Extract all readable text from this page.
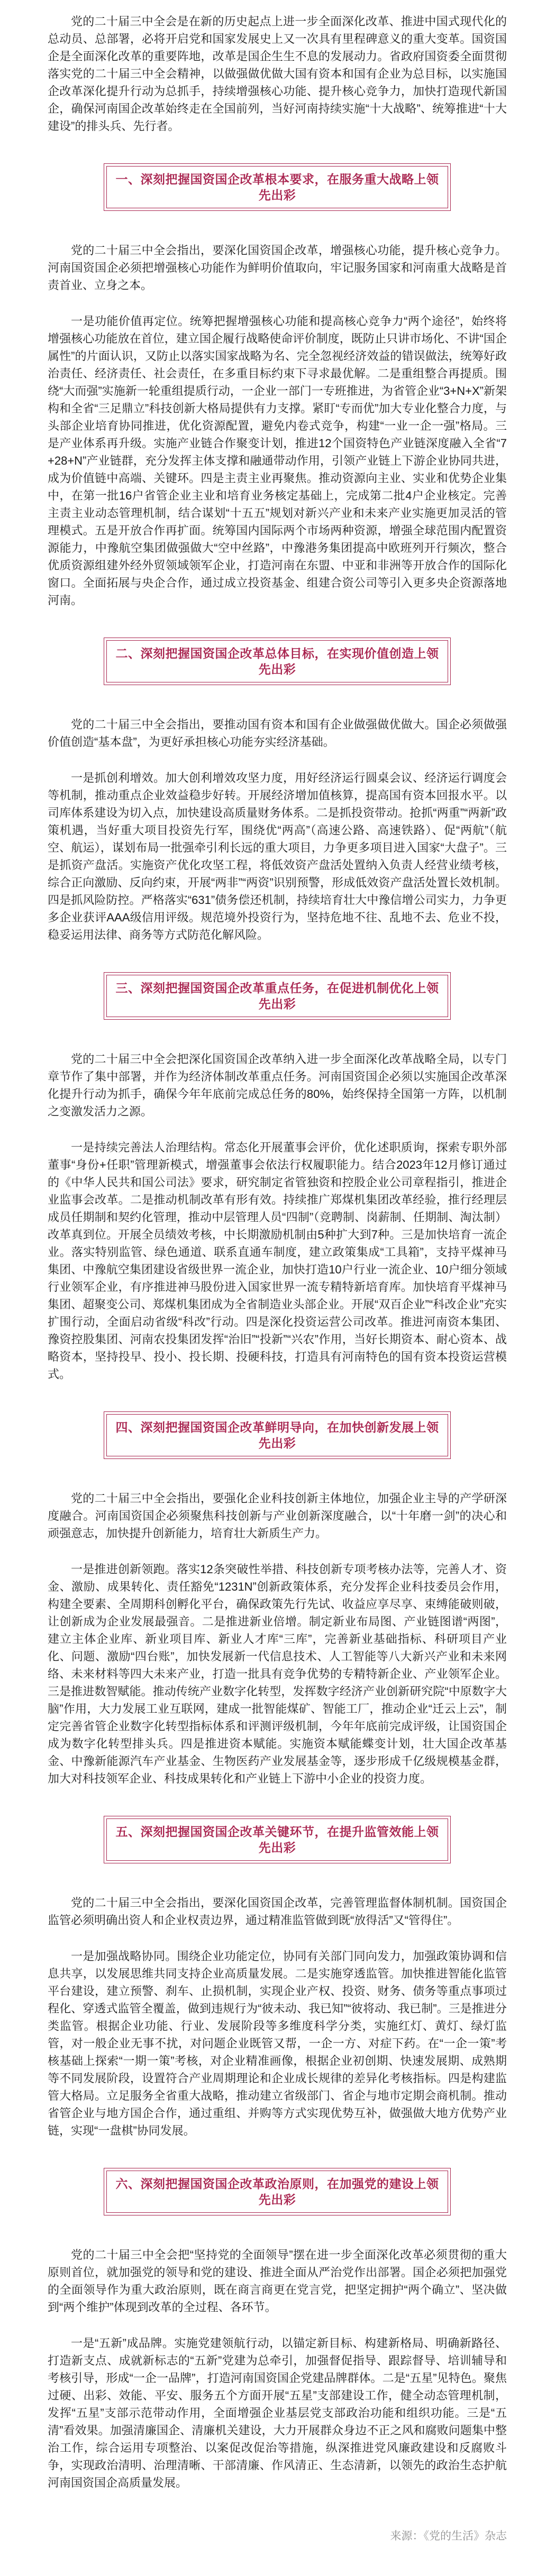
党的二十届三中全会是在新的历史起点上进一步全面深化改革、推进中国式现代化的总动员、总部署，必将开启党和国家发展史上又一次具有里程碑意义的重大变革。国资国企是全面深化改革的重要阵地，改革是国企生生不息的发展动力。省政府国资委全面贯彻落实党的二十届三中全会精神，以做强做优做大国有资本和国有企业为总目标，以实施国企改革深化提升行动为总抓手，持续增强核心功能、提升核心竞争力，加快打造现代新国企，确保河南国企改革始终走在全国前列，当好河南持续实施“十大战略”、统筹推进“十大建设”的排头兵、先行者。

一、深刻把握国资国企改革根本要求，在服务重大战略上领先出彩

党的二十届三中全会指出，要深化国资国企改革，增强核心功能，提升核心竞争力。河南国资国企必须把增强核心功能作为鲜明价值取向，牢记服务国家和河南重大战略是首责首业、立身之本。

一是功能价值再定位。统筹把握增强核心功能和提高核心竞争力“两个途径”，始终将增强核心功能放在首位，建立国企履行战略使命评价制度，既防止只讲市场化、不讲“国企属性”的片面认识，又防止以落实国家战略为名、完全忽视经济效益的错误做法，统筹好政治责任、经济责任、社会责任，在多重目标约束下寻求最优解。二是重组整合再提质。围绕“大而强”实施新一轮重组提质行动，一企业一部门一专班推进，为省管企业“3+N+X”新架构和全省“三足鼎立”科技创新大格局提供有力支撑。紧盯“专而优”加大专业化整合力度，与头部企业培育协同推进，优化资源配置，避免内卷式竞争，构建“一业一企一强”格局。三是产业体系再升级。实施产业链合作聚变计划，推进12个国资特色产业链深度融入全省“7+28+N”产业链群，充分发挥主体支撑和融通带动作用，引领产业链上下游企业协同共进，成为价值链中高端、关键环。四是主责主业再聚焦。推动资源向主业、实业和优势企业集中，在第一批16户省管企业主业和培育业务核定基础上，完成第二批4户企业核定。完善主责主业动态管理机制，结合谋划“十五五”规划对新兴产业和未来产业实施更加灵活的管理模式。五是开放合作再扩面。统筹国内国际两个市场两种资源，增强全球范围内配置资源能力，中豫航空集团做强做大“空中丝路”，中豫港务集团提高中欧班列开行频次，整合优质资源组建外经外贸领域领军企业，打造河南在东盟、中亚和非洲等开放合作的国际化窗口。全面拓展与央企合作，通过成立投资基金、组建合资公司等引入更多央企资源落地河南。

二、深刻把握国资国企改革总体目标，在实现价值创造上领先出彩

党的二十届三中全会指出，要推动国有资本和国有企业做强做优做大。国企必须做强价值创造“基本盘”，为更好承担核心功能夯实经济基础。

一是抓创利增效。加大创利增效攻坚力度，用好经济运行圆桌会议、经济运行调度会等机制，推动重点企业效益稳步好转。开展经济增加值核算，提高国有资本回报水平。以司库体系建设为切入点，加快建设高质量财务体系。二是抓投资带动。抢抓“两重”“两新”政策机遇，当好重大项目投资先行军，围绕优“两高”（高速公路、高速铁路）、促“两航”（航空、航运），谋划布局一批强牵引利长远的重大项目，力争更多项目进入国家“大盘子”。三是抓资产盘活。实施资产优化攻坚工程，将低效资产盘活处置纳入负责人经营业绩考核，综合正向激励、反向约束，开展“两非”“两资”识别预警，形成低效资产盘活处置长效机制。四是抓风险防控。严格落实“631”债务偿还机制，持续培育壮大中豫信增公司实力，力争更多企业获评AAA级信用评级。规范境外投资行为，坚持危地不往、乱地不去、危业不投，稳妥运用法律、商务等方式防范化解风险。

三、深刻把握国资国企改革重点任务，在促进机制优化上领先出彩

党的二十届三中全会把深化国资国企改革纳入进一步全面深化改革战略全局，以专门章节作了集中部署，并作为经济体制改革重点任务。河南国资国企必须以实施国企改革深化提升行动为抓手，确保今年年底前完成总任务的80%，始终保持全国第一方阵，以机制之变激发活力之源。

一是持续完善法人治理结构。常态化开展董事会评价，优化述职质询，探索专职外部董事“身份+任职”管理新模式，增强董事会依法行权履职能力。结合2023年12月修订通过的《中华人民共和国公司法》要求，研究制定省管独资和控股企业公司章程指引，推进企业监事会改革。二是推动机制改革有形有效。持续推广郑煤机集团改革经验，推行经理层成员任期制和契约化管理，推动中层管理人员“四制”（竞聘制、岗薪制、任期制、淘汰制）改革真到位。开展全员绩效考核，中长期激励机制由5种扩大到7种。三是加快培育一流企业。落实特别监管、绿色通道、联系直通车制度，建立政策集成“工具箱”，支持平煤神马集团、中豫航空集团建设省级世界一流企业，加快打造10户行业一流企业、10户细分领域行业领军企业，有序推进神马股份进入国家世界一流专精特新培育库。加快培育平煤神马集团、超聚变公司、郑煤机集团成为全省制造业头部企业。开展“双百企业”“科改企业”充实扩围行动，全面启动省级“科改”行动。四是深化投资运营公司改革。推进河南资本集团、豫资控股集团、河南农投集团发挥“治旧”“投新”“兴农”作用，当好长期资本、耐心资本、战略资本，坚持投早、投小、投长期、投硬科技，打造具有河南特色的国有资本投资运营模式。

四、深刻把握国资国企改革鲜明导向，在加快创新发展上领先出彩

党的二十届三中全会指出，要强化企业科技创新主体地位，加强企业主导的产学研深度融合。河南国资国企必须聚焦科技创新与产业创新深度融合，以“十年磨一剑”的决心和顽强意志，加快提升创新能力，培育壮大新质生产力。

一是推进创新领跑。落实12条突破性举措、科技创新专项考核办法等，完善人才、资金、激励、成果转化、责任豁免“1231N”创新政策体系，充分发挥企业科技委员会作用，构建全要素、全周期科创孵化平台，确保政策先行先试、收益应享尽享、束缚能破则破，让创新成为企业发展最强音。二是推进新业倍增。制定新业布局图、产业链图谱“两图”，建立主体企业库、新业项目库、新业人才库“三库”，完善新业基础指标、科研项目产业化、问题、激励“四台账”，加快发展新一代信息技术、人工智能等八大新兴产业和未来网络、未来材料等四大未来产业，打造一批具有竞争优势的专精特新企业、产业领军企业。三是推进数智赋能。推动传统产业数字化转型，发挥数字经济产业创新研究院“中原数字大脑”作用，大力发展工业互联网，建成一批智能煤矿、智能工厂，推动企业“迁云上云”，制定完善省管企业数字化转型指标体系和评测评级机制，今年年底前完成评级，让国资国企成为数字化转型排头兵。四是推进资本赋能。实施资本赋能蝶变计划，壮大国企改革基金、中豫新能源汽车产业基金、生物医药产业发展基金等，逐步形成千亿级规模基金群，加大对科技领军企业、科技成果转化和产业链上下游中小企业的投资力度。

五、深刻把握国资国企改革关键环节，在提升监管效能上领先出彩

党的二十届三中全会指出，要深化国资国企改革，完善管理监督体制机制。国资国企监管必须明确出资人和企业权责边界，通过精准监管做到既“放得活”又“管得住”。

一是加强战略协同。围绕企业功能定位，协同有关部门同向发力，加强政策协调和信息共享，以发展思维共同支持企业高质量发展。二是实施穿透监管。加快推进智能化监管平台建设，建立预警、刹车、止损机制，实现企业产权、投资、财务、债务等重点事项过程化、穿透式监管全覆盖，做到违规行为“彼未动、我已知”“彼将动、我已制”。三是推进分类监管。根据企业功能、行业、发展阶段等多维度科学分类，实施红灯、黄灯、绿灯监管，对一般企业无事不扰，对问题企业既管又帮，一企一方、对症下药。在“一企一策”考核基础上探索“一期一策”考核，对企业精准画像，根据企业初创期、快速发展期、成熟期等不同发展阶段，设置符合产业周期理论和企业成长规律的差异化考核指标。四是构建监管大格局。立足服务全省重大战略，推动建立省级部门、省企与地市定期会商机制。推动省管企业与地方国企合作，通过重组、并购等方式实现优势互补，做强做大地方优势产业链，实现“一盘棋”协同发展。

六、深刻把握国资国企改革政治原则，在加强党的建设上领先出彩

党的二十届三中全会把“坚持党的全面领导”摆在进一步全面深化改革必须贯彻的重大原则首位，就加强党的领导和党的建设、推进全面从严治党作出部署。国企必须把加强党的全面领导作为重大政治原则，既在商言商更在党言党，把坚定拥护“两个确立”、坚决做到“两个维护”体现到改革的全过程、各环节。

一是“五新”成品牌。实施党建领航行动，以锚定新目标、构建新格局、明确新路径、打造新支点、成就新标志的“五新”党建为总牵引，加强督促指导、跟踪督导、培训辅导和考核引导，形成“一企一品牌”，打造河南国资国企党建品牌群体。二是“五星”见特色。聚焦过硬、出彩、效能、平安、服务五个方面开展“五星”支部建设工作，健全动态管理机制，发挥“五星”支部示范带动作用，全面增强企业基层党支部政治功能和组织功能。三是“五清”看效果。加强清廉国企、清廉机关建设，大力开展群众身边不正之风和腐败问题集中整治工作，综合运用专项整治、以案促改促治等措施，纵深推进党风廉政建设和反腐败斗争，实现政治清明、治理清晰、干部清廉、作风清正、生态清新，以领先的政治生态护航河南国资国企高质量发展。

来源：《党的生活》杂志
